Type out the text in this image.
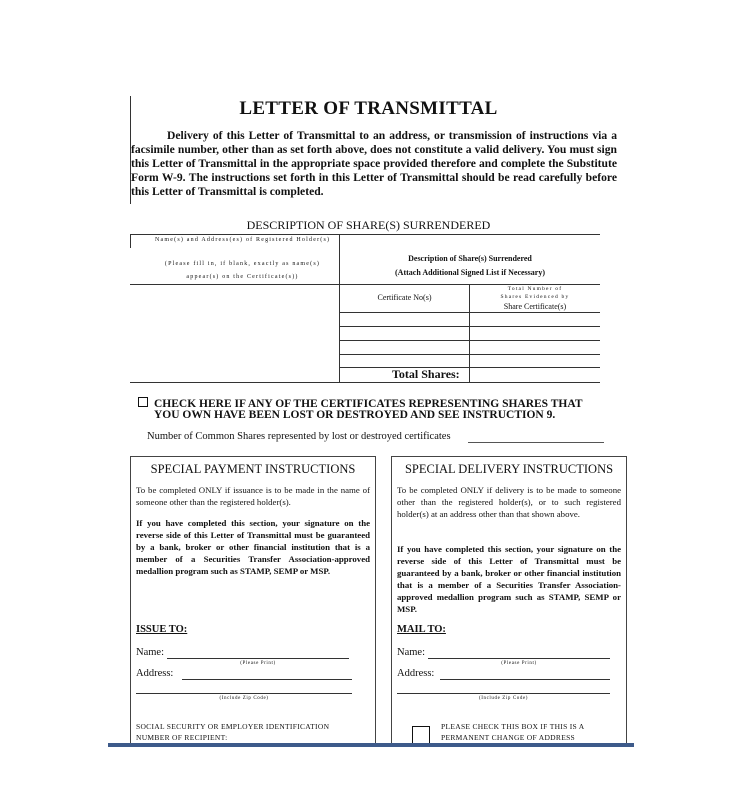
LETTER OF TRANSMITTAL
Delivery of this Letter of Transmittal to an address, or transmission of instructions via a facsimile number, other than as set forth above, does not constitute a valid delivery. You must sign this Letter of Transmittal in the appropriate space provided therefore and complete the Substitute Form W-9. The instructions set forth in this Letter of Transmittal should be read carefully before this Letter of Transmittal is completed.
DESCRIPTION OF SHARE(S) SURRENDERED
Name(s) and Address(es) of Registered Holder(s)
(Please fill in, if blank, exactly as name(s)
appear(s) on the Certificate(s))
Description of Share(s) Surrendered
(Attach Additional Signed List if Necessary)
Certificate No(s)
Total Number of
Shares Evidenced by
Share Certificate(s)
Total Shares:
CHECK HERE IF ANY OF THE CERTIFICATES REPRESENTING SHARES THAT
YOU OWN HAVE BEEN LOST OR DESTROYED AND SEE INSTRUCTION 9.
Number of Common Shares represented by lost or destroyed certificates
SPECIAL PAYMENT INSTRUCTIONS
To be completed ONLY if issuance is to be made in the name of someone other than the registered holder(s).
If you have completed this section, your signature on the reverse side of this Letter of Transmittal must be guaranteed by a bank, broker or other financial institution that is a member of a Securities Transfer Association-approved medallion program such as STAMP, SEMP or MSP.
ISSUE TO:
Name:
(Please Print)
Address:
(Include Zip Code)
SOCIAL SECURITY OR EMPLOYER IDENTIFICATION
NUMBER OF RECIPIENT:
SPECIAL DELIVERY INSTRUCTIONS
To be completed ONLY if delivery is to be made to someone other than the registered holder(s), or to such registered holder(s) at an address other than that shown above.
If you have completed this section, your signature on the reverse side of this Letter of Transmittal must be guaranteed by a bank, broker or other financial institution that is a member of a Securities Transfer Association-approved medallion program such as STAMP, SEMP or MSP.
MAIL TO:
Name:
(Please Print)
Address:
(Include Zip Code)
PLEASE CHECK THIS BOX IF THIS IS A
PERMANENT CHANGE OF ADDRESS
